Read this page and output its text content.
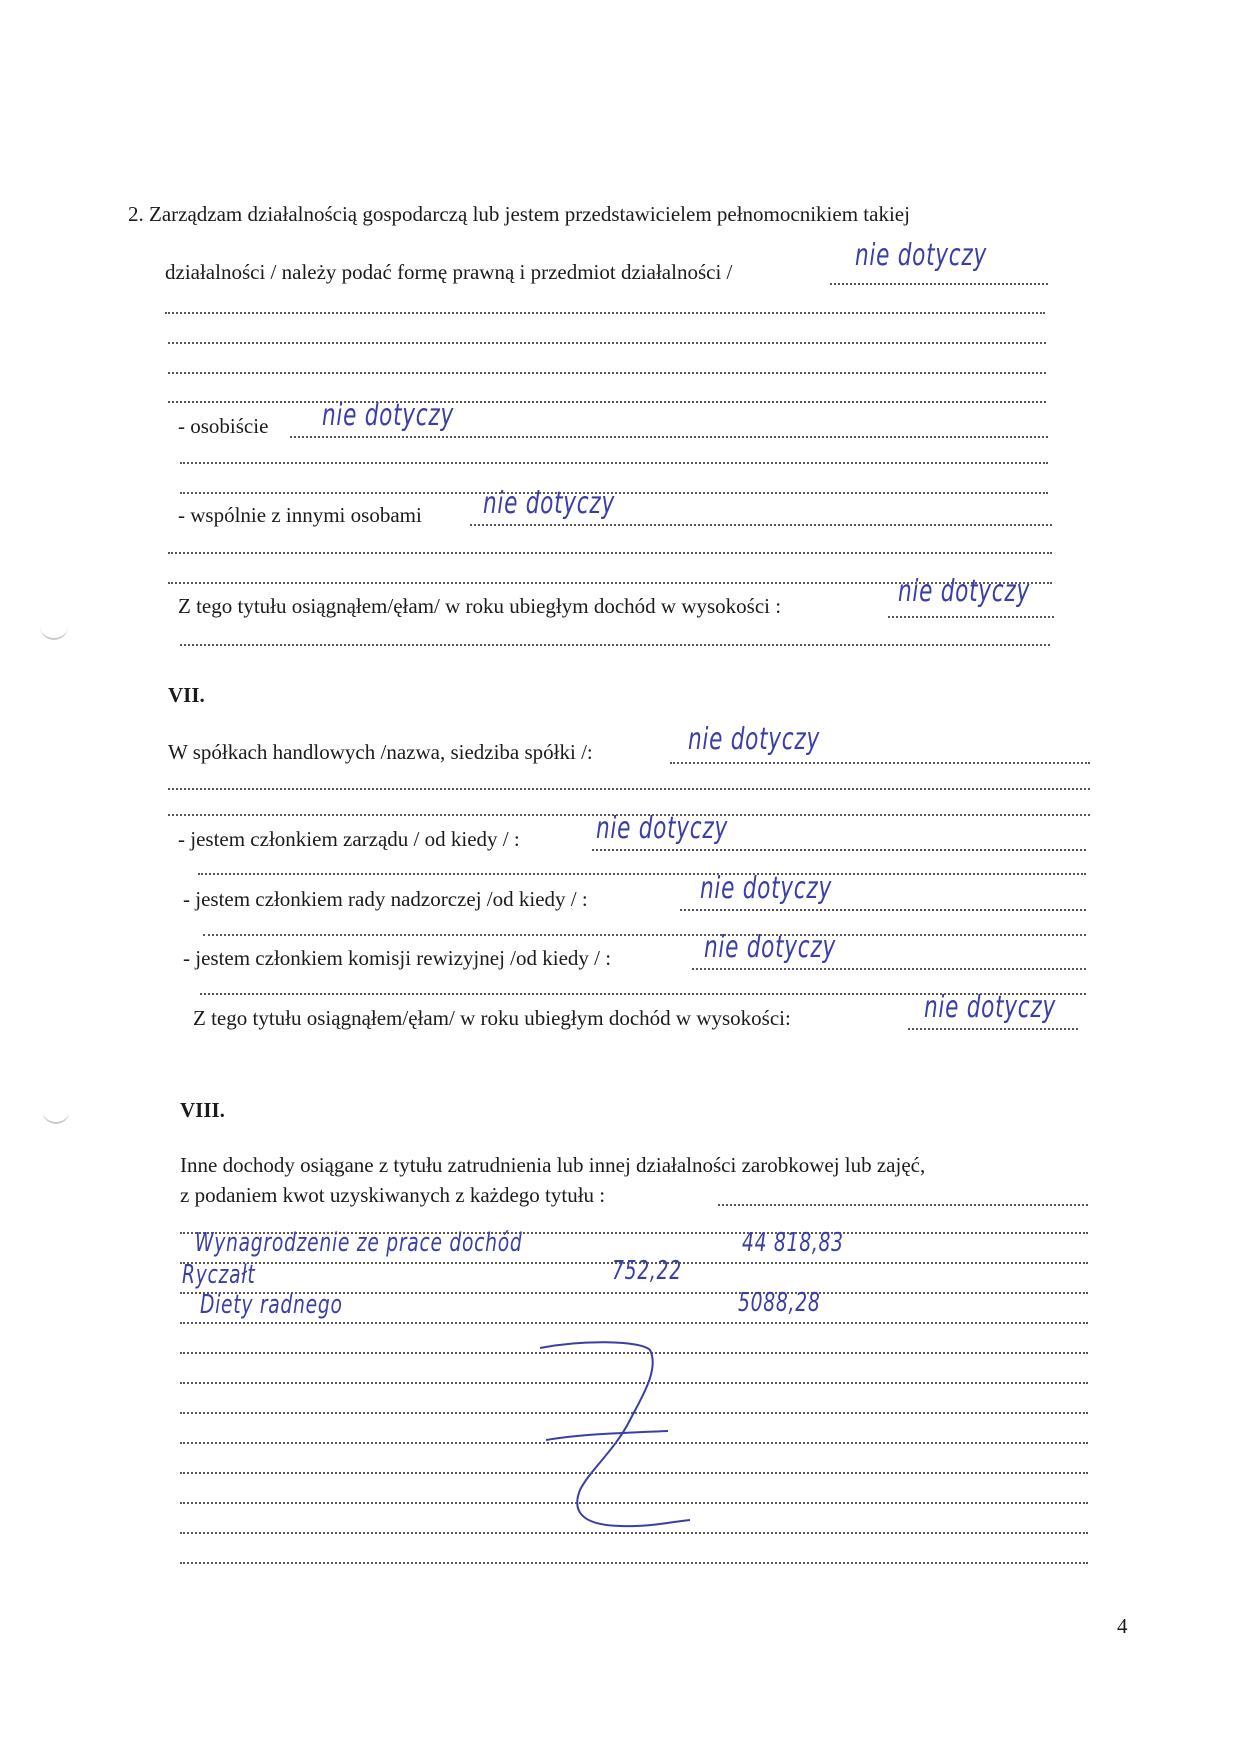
2. Zarządzam działalnością gospodarczą lub jestem przedstawicielem pełnomocnikiem takiej
działalności / należy podać formę prawną i przedmiot działalności /	nie dotyczy
- osobiście nie dotyczy
- wspólnie z innymi osobami nie dotyczy
Z tego tytułu osiągnąłem/ęłam/ w roku ubiegłym dochód w wysokości :	nie dotyczy
VII.
W spółkach handlowych /nazwa, siedziba spółki /:	nie dotyczy
- jestem członkiem zarządu / od kiedy / :	nie dotyczy
- jestem członkiem rady nadzorczej /od kiedy / :	nie dotyczy
- jestem członkiem komisji rewizyjnej /od kiedy / :	nie dotyczy
Z tego tytułu osiągnąłem/ęłam/ w roku ubiegłym dochód w wysokości:	nie dotyczy
VIII.
Inne dochody osiągane z tytułu zatrudnienia lub innej działalności zarobkowej lub zajęć,
z podaniem kwot uzyskiwanych z każdego tytułu :
Wynagrodzenie ze prace dochód	44 818,83
Ryczałt	752,22
Diety radnego	5088,28
4
